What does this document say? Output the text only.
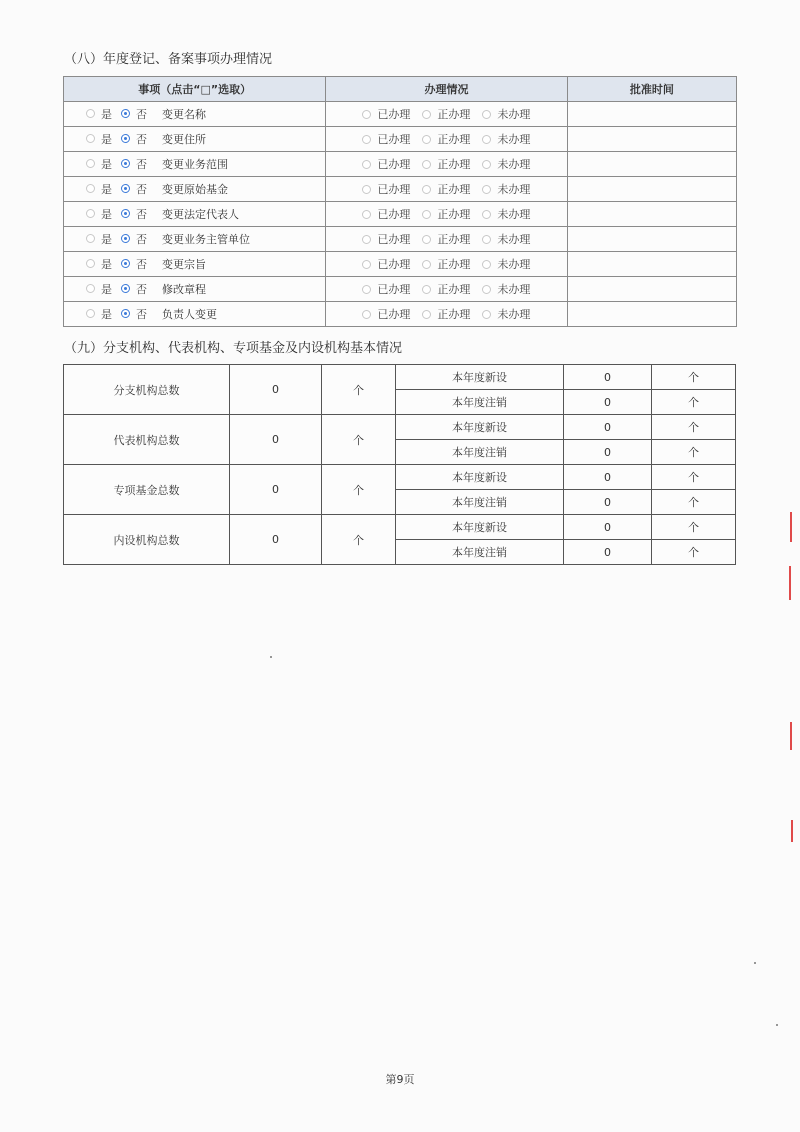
（八）年度登记、备案事项办理情况
事项（点击“□”选取）	办理情况	批准时间

是 否 变更名称	已办理 正办理 未办理	

是 否 变更住所	已办理 正办理 未办理	

是 否 变更业务范围	已办理 正办理 未办理	

是 否 变更原始基金	已办理 正办理 未办理	

是 否 变更法定代表人	已办理 正办理 未办理	

是 否 变更业务主管单位	已办理 正办理 未办理	

是 否 变更宗旨	已办理 正办理 未办理	

是 否 修改章程	已办理 正办理 未办理	

是 否 负责人变更	已办理 正办理 未办理	

（九）分支机构、代表机构、专项基金及内设机构基本情况
分支机构总数	0	个	本年度新设	0	个
			本年度注销	0	个
代表机构总数	0	个	本年度新设	0	个
			本年度注销	0	个
专项基金总数	0	个	本年度新设	0	个
			本年度注销	0	个
内设机构总数	0	个	本年度新设	0	个
			本年度注销	0	个
第9页
